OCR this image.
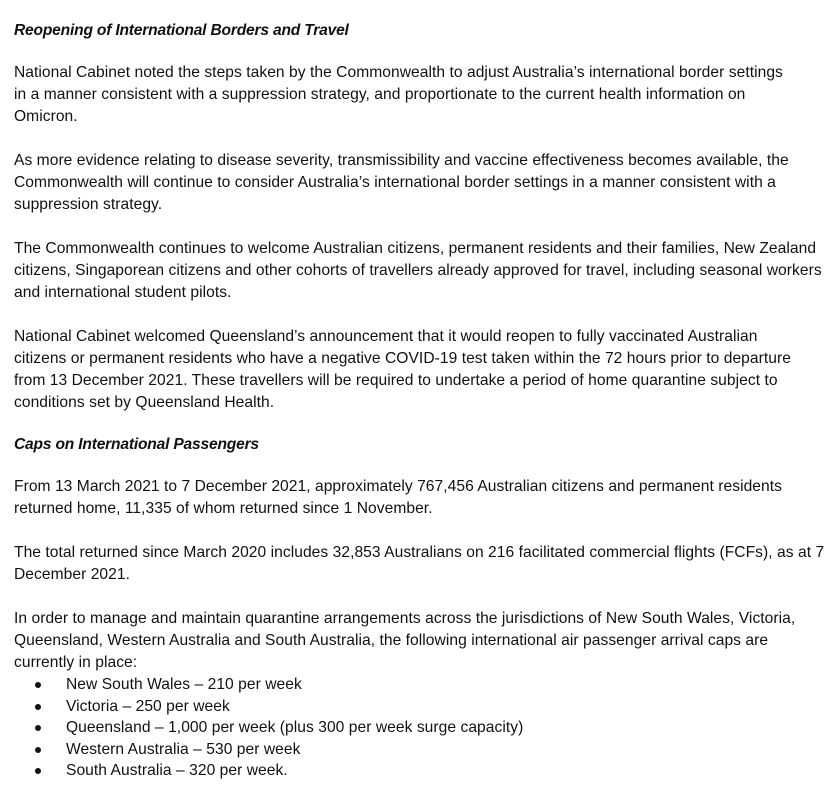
Reopening of International Borders and Travel

National Cabinet noted the steps taken by the Commonwealth to adjust Australia’s international border settings in a manner consistent with a suppression strategy, and proportionate to the current health information on Omicron.

As more evidence relating to disease severity, transmissibility and vaccine effectiveness becomes available, the Commonwealth will continue to consider Australia’s international border settings in a manner consistent with a suppression strategy.

The Commonwealth continues to welcome Australian citizens, permanent residents and their families, New Zealand citizens, Singaporean citizens and other cohorts of travellers already approved for travel, including seasonal workers and international student pilots.

National Cabinet welcomed Queensland’s announcement that it would reopen to fully vaccinated Australian citizens or permanent residents who have a negative COVID-19 test taken within the 72 hours prior to departure from 13 December 2021. These travellers will be required to undertake a period of home quarantine subject to conditions set by Queensland Health.

Caps on International Passengers

From 13 March 2021 to 7 December 2021, approximately 767,456 Australian citizens and permanent residents returned home, 11,335 of whom returned since 1 November.

The total returned since March 2020 includes 32,853 Australians on 216 facilitated commercial flights (FCFs), as at 7 December 2021.

In order to manage and maintain quarantine arrangements across the jurisdictions of New South Wales, Victoria, Queensland, Western Australia and South Australia, the following international air passenger arrival caps are currently in place:

New South Wales – 210 per week
Victoria – 250 per week
Queensland – 1,000 per week (plus 300 per week surge capacity)
Western Australia – 530 per week
South Australia – 320 per week.
